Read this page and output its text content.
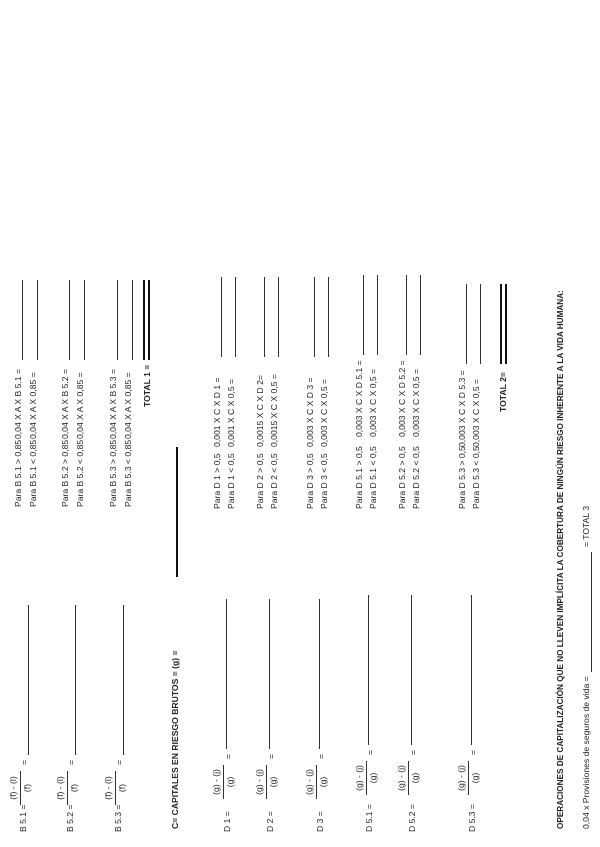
B 5.1 =
(f) - (l) (f)
=
Para B 5.1 > 0,85
0,04 X A X B 5.1 =
Para B 5.1 < 0,85
0,04 X A X 0,85 =
B 5.2 =
(f) - (l) (f)
=
Para B 5.2 > 0,85
0,04 X A X B 5.2 =
Para B 5.2 < 0,85
0,04 X A X 0,85 =
B 5.3 =
(f) - (l) (f)
=
Para B 5.3 > 0,85
0,04 X A X B 5.3 =
Para B 5.3 < 0,85
0,04 X A X 0,85 = TOTAL 1 =
C= CAPITALES EN RIESGO BRUTOS = (g) =	D 1 =
(g) - (j) (g)
=
Para D 1 > 0,5
0,001 X C X D 1 =
Para D 1 < 0,5
0,001 X C X 0,5 =
D 2 =
(g) - (j) (g)
=
Para D 2 > 0,5
0,0015 X C X D 2=
Para D 2 < 0,5
0,0015 X C X 0,5 =
D 3 =
(g) - (j) (g)
=
Para D 3 > 0,5
0,003 X C X D 3 =
Para D 3 < 0,5
0,003 X C X 0,5 =
D 5.1 =
(g) - (j) (g)
=
Para D 5.1 > 0,5
0,003 X C X D 5.1 =
Para D 5.1 < 0,5
0,003 X C X 0,5 =
D 5.2 =
(g) - (j) (g)
=
Para D 5.2 > 0,5
0,003 X C X D 5.2 =
Para D 5.2 < 0,5
0,003 X C X 0,5 =
D 5.3 =
(g) - (j) (g)
=
Para D 5.3 > 0,5
0,003 X C X D 5.3 =
Para D 5.3 < 0,5
0,003 X C X 0,5 = TOTAL 2=	OPERACIONES DE CAPITALIZACIÓN QUE NO LLEVEN IMPLÍCITA LA COBERTURA DE NINGÚN RIESGO INHERENTE A LA VIDA HUMANA: 0,04 x Provisiones de seguros de vida =
= TOTAL 3
